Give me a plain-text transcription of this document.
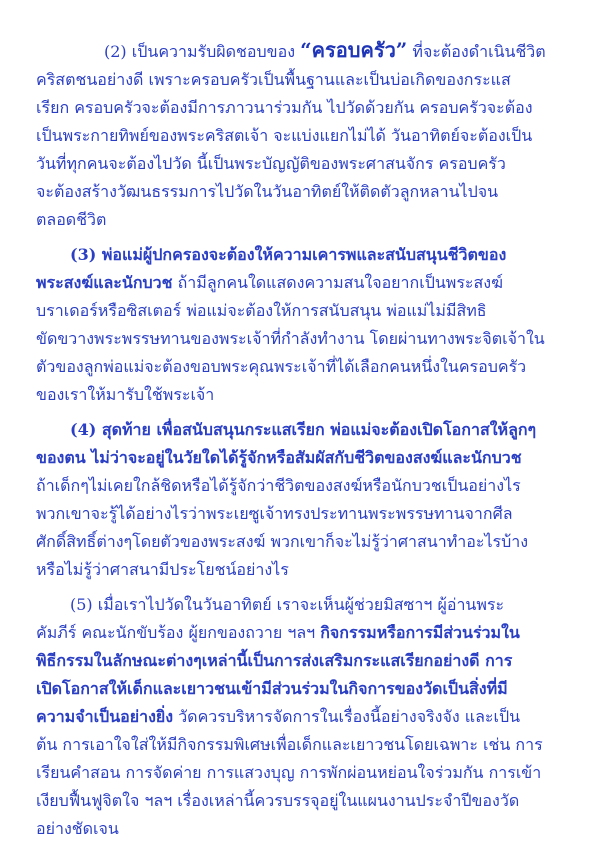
(2) เป็นความรับผิดชอบของ “ครอบครัว” ที่จะต้องดำเนินชีวิต
คริสตชนอย่างดี เพราะครอบครัวเป็นพื้นฐานและเป็นบ่อเกิดของกระแส
เรียก ครอบครัวจะต้องมีการภาวนาร่วมกัน ไปวัดด้วยกัน ครอบครัวจะต้อง
เป็นพระกายทิพย์ของพระคริสตเจ้า จะแบ่งแยกไม่ได้ วันอาทิตย์จะต้องเป็น
วันที่ทุกคนจะต้องไปวัด นี้เป็นพระบัญญัติของพระศาสนจักร ครอบครัว
จะต้องสร้างวัฒนธรรมการไปวัดในวันอาทิตย์ให้ติดตัวลูกหลานไปจน
ตลอดชีวิต
(3) พ่อแม่ผู้ปกครองจะต้องให้ความเคารพและสนับสนุนชีวิตของ
พระสงฆ์และนักบวช ถ้ามีลูกคนใดแสดงความสนใจอยากเป็นพระสงฆ์
บราเดอร์หรือซิสเตอร์ พ่อแม่จะต้องให้การสนับสนุน พ่อแม่ไม่มีสิทธิ
ขัดขวางพระพรรษทานของพระเจ้าที่กำลังทำงาน โดยผ่านทางพระจิตเจ้าใน
ตัวของลูกพ่อแม่จะต้องขอบพระคุณพระเจ้าที่ได้เลือกคนหนึ่งในครอบครัว
ของเราให้มารับใช้พระเจ้า
(4) สุดท้าย เพื่อสนับสนุนกระแสเรียก พ่อแม่จะต้องเปิดโอกาสให้ลูกๆ
ของตน ไม่ว่าจะอยู่ในวัยใดได้รู้จักหรือสัมผัสกับชีวิตของสงฆ์และนักบวช
ถ้าเด็กๆไม่เคยใกล้ชิดหรือได้รู้จักว่าชีวิตของสงฆ์หรือนักบวชเป็นอย่างไร
พวกเขาจะรู้ได้อย่างไรว่าพระเยซูเจ้าทรงประทานพระพรรษทานจากศีล
ศักดิ์สิทธิ์ต่างๆโดยตัวของพระสงฆ์ พวกเขาก็จะไม่รู้ว่าศาสนาทำอะไรบ้าง
หรือไม่รู้ว่าศาสนามีประโยชน์อย่างไร
(5) เมื่อเราไปวัดในวันอาทิตย์ เราจะเห็นผู้ช่วยมิสซาฯ ผู้อ่านพระ
คัมภีร์ คณะนักขับร้อง ผู้ยกของถวาย ฯลฯ กิจกรรมหรือการมีส่วนร่วมใน
พิธีกรรมในลักษณะต่างๆเหล่านี้เป็นการส่งเสริมกระแสเรียกอย่างดี การ
เปิดโอกาสให้เด็กและเยาวชนเข้ามีส่วนร่วมในกิจการของวัดเป็นสิ่งที่มี
ความจำเป็นอย่างยิ่ง วัดควรบริหารจัดการในเรื่องนี้อย่างจริงจัง และเป็น
ต้น การเอาใจใส่ให้มีกิจกรรมพิเศษเพื่อเด็กและเยาวชนโดยเฉพาะ เช่น การ
เรียนคำสอน การจัดค่าย การแสวงบุญ การพักผ่อนหย่อนใจร่วมกัน การเข้า
เงียบฟื้นฟูจิตใจ ฯลฯ เรื่องเหล่านี้ควรบรรจุอยู่ในแผนงานประจำปีของวัด
อย่างชัดเจน
